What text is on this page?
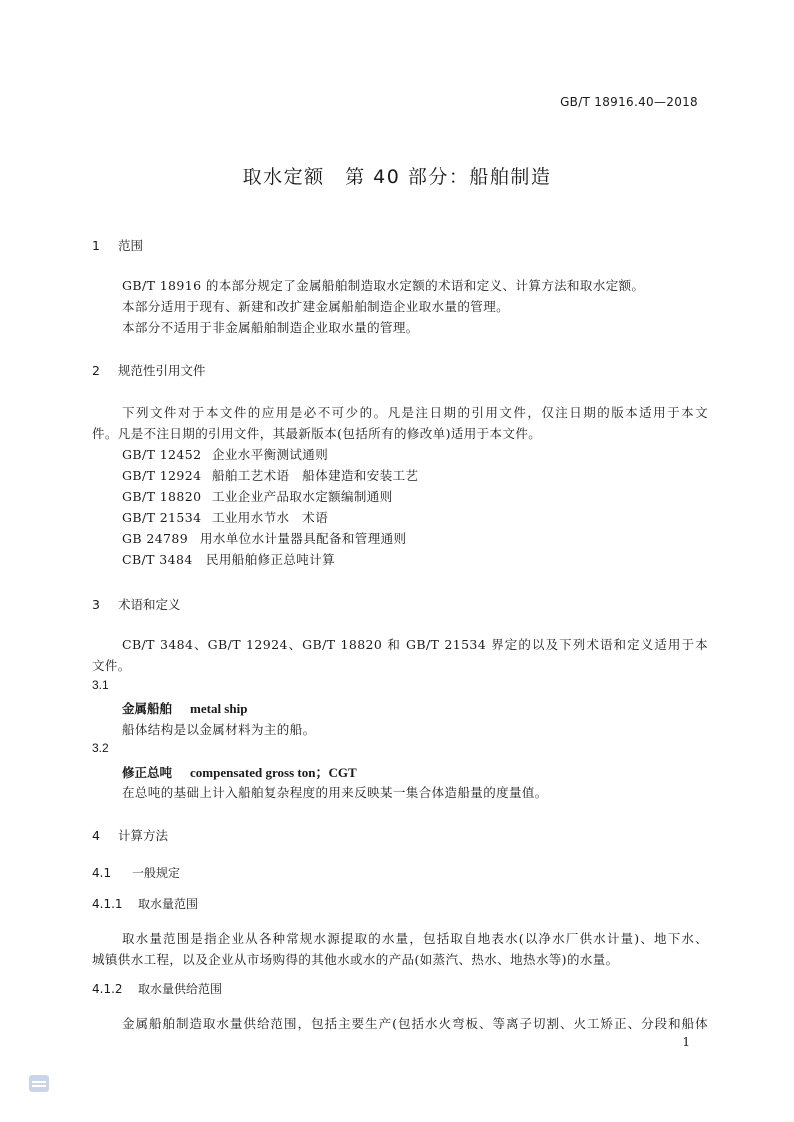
GB/T 18916.40—2018
取水定额　第 40 部分：船舶制造
1 范围
GB/T 18916 的本部分规定了金属船舶制造取水定额的术语和定义、计算方法和取水定额。
本部分适用于现有、新建和改扩建金属船舶制造企业取水量的管理。
本部分不适用于非金属船舶制造企业取水量的管理。
2 规范性引用文件
下列文件对于本文件的应用是必不可少的。凡是注日期的引用文件，仅注日期的版本适用于本文
件。凡是不注日期的引用文件，其最新版本(包括所有的修改单)适用于本文件。
GB/T 12452 企业水平衡测试通则
GB/T 12924 船舶工艺术语　船体建造和安装工艺
GB/T 18820 工业企业产品取水定额编制通则
GB/T 21534 工业用水节水　术语
GB 24789 用水单位水计量器具配备和管理通则
CB/T 3484 民用船舶修正总吨计算
3 术语和定义
CB/T 3484、GB/T 12924、GB/T 18820 和 GB/T 21534 界定的以及下列术语和定义适用于本
文件。
3.1
金属船舶 metal ship
船体结构是以金属材料为主的船。
3.2
修正总吨 compensated gross ton；CGT
在总吨的基础上计入船舶复杂程度的用来反映某一集合体造船量的度量值。
4 计算方法
4.1 一般规定
4.1.1 取水量范围
取水量范围是指企业从各种常规水源提取的水量，包括取自地表水(以净水厂供水计量)、地下水、
城镇供水工程，以及企业从市场购得的其他水或水的产品(如蒸汽、热水、地热水等)的水量。
4.1.2 取水量供给范围
金属船舶制造取水量供给范围，包括主要生产(包括水火弯板、等离子切割、火工矫正、分段和船体
1
